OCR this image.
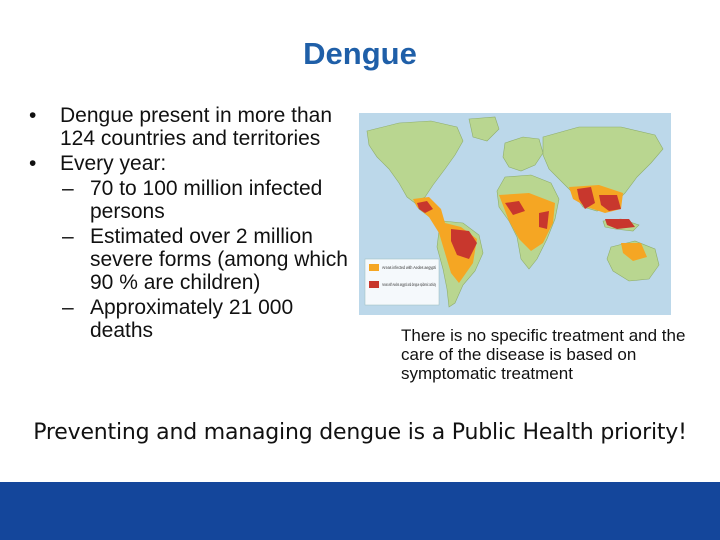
Dengue
• Dengue present in more than 124 countries and territories
• Every year:
– 70 to 100 million infected persons
– Estimated over 2 million severe forms (among which 90 % are children)
– Approximately 21 000 deaths
Areas infected with Aedes aegypti
Areas with Aedes aegypti and dengue epidemic activity
There is no specific treatment and the care of the disease is based on symptomatic treatment
Preventing and managing dengue is a Public Health priority!
